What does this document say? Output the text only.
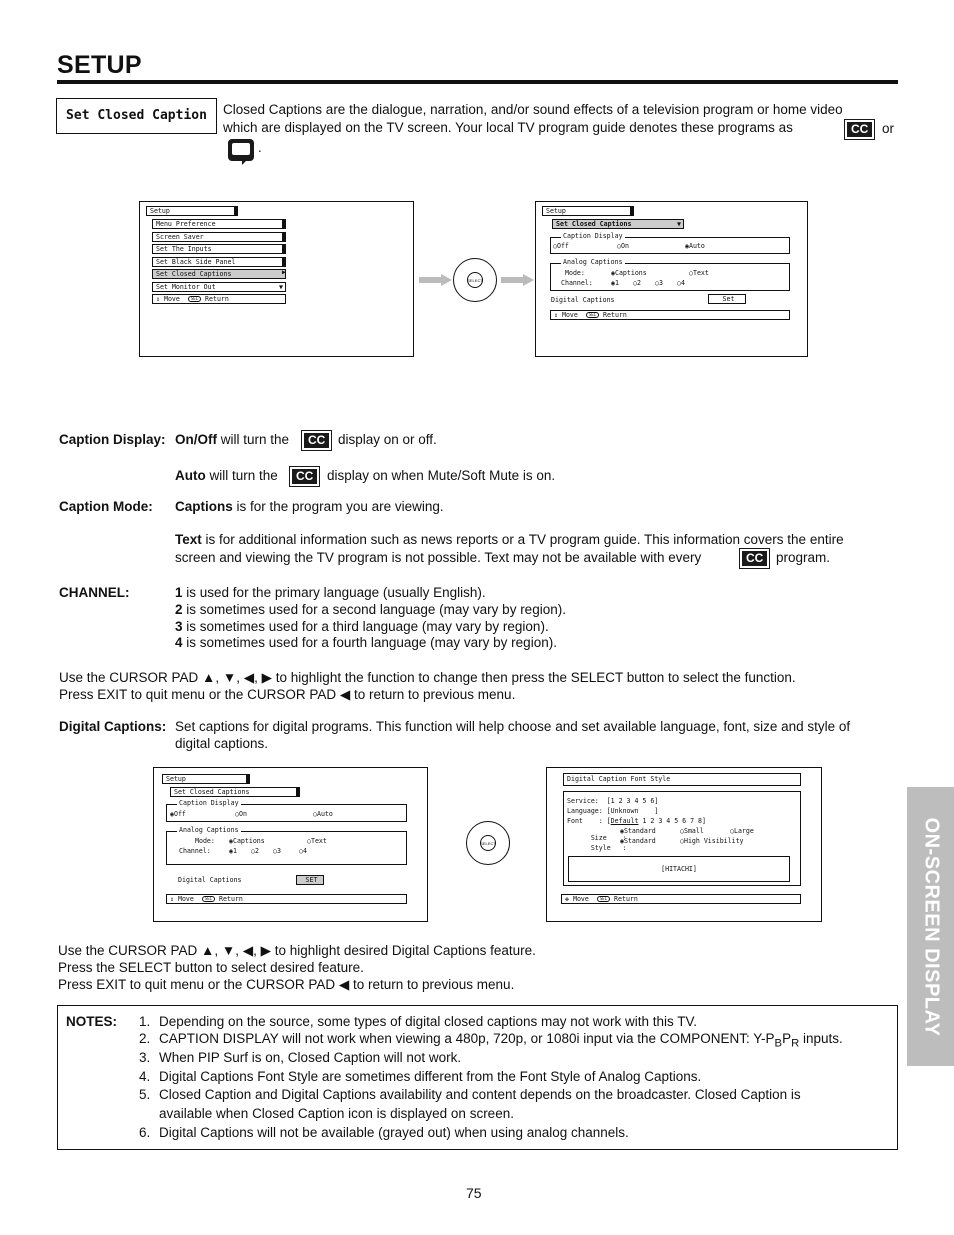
SETUP
Set Closed Caption	Closed Captions are the dialogue, narration, and/or sound effects of a television program or home video
which are displayed on the TV screen. Your local TV program guide denotes these programs as	CC	or
.
Setup
Menu Preference
Screen Saver
Set The Inputs
Set Black Side Panel
Set Closed Captions	▶
Set Monitor Out	▼
⇕
Move
	SEL
	Return
SELECT
Setup
Set Closed Captions	▼
Caption Display
○ Off	○ On	◉ Auto
Analog Captions
Mode:	◉ Captions	○ Text
Channel:	◉ 1	○ 2	○ 3	○ 4
Digital Captions	Set
⇕
Move
	SEL
	Return
Caption Display: On/Off will turn the	CC display on or off.
Auto will turn the	CC	display on when Mute/Soft Mute is on.
Caption Mode: Captions is for the program you are viewing.
Text is for additional information such as news reports or a TV program guide. This information covers the entire
screen and viewing the TV program is not possible. Text may not be available with every	CC program.
CHANNEL:	1 is used for the primary language (usually English).
2 is sometimes used for a second language (may vary by region).
3 is sometimes used for a third language (may vary by region).
4 is sometimes used for a fourth language (may vary by region).
Use the CURSOR PAD ▲, ▼, ◀, ▶ to highlight the function to change then press the SELECT button to select the function.
Press EXIT to quit menu or the CURSOR PAD ◀ to return to previous menu.
Digital Captions: Set captions for digital programs. This function will help choose and set available language, font, size and style of
digital captions.
Setup
Set Closed Captions
Caption Display
◉ Off	○ On	○ Auto
Analog Captions
Mode:	◉ Captions	○ Text
Channel:	◉ 1	○ 2	○ 3	○ 4
Digital Captions	SET
⇕
Move
	SEL
	Return
SELECT
Digital Caption Font Style
Service:  [1 2 3 4 5 6]
Language: [Unknown    ]
Font    : [Default 1 2 3 4 5 6 7 8]

Size    :

◉ Standard	○ Small	○ Large

Style   :

◉ Standard	○ High Visibility
[HITACHI]
✥
Move
	SEL
	Return
Use the CURSOR PAD ▲, ▼, ◀, ▶ to highlight desired Digital Captions feature.
Press the SELECT button to select desired feature.
Press EXIT to quit menu or the CURSOR PAD ◀ to return to previous menu.
NOTES: 1. Depending on the source, some types of digital closed captions may not work with this TV.
2. CAPTION DISPLAY will not work when viewing a 480p, 720p, or 1080i input via the COMPONENT: $Y-P_BP_R$ inputs.
3. When PIP Surf is on, Closed Caption will not work.
4. Digital Captions Font Style are sometimes different from the Font Style of Analog Captions.
5. Closed Caption and Digital Captions availability and content depends on the broadcaster. Closed Caption is
available when Closed Caption icon is displayed on screen.
6. Digital Captions will not be available (grayed out) when using analog channels.
ON-SCREEN DISPLAY
75
